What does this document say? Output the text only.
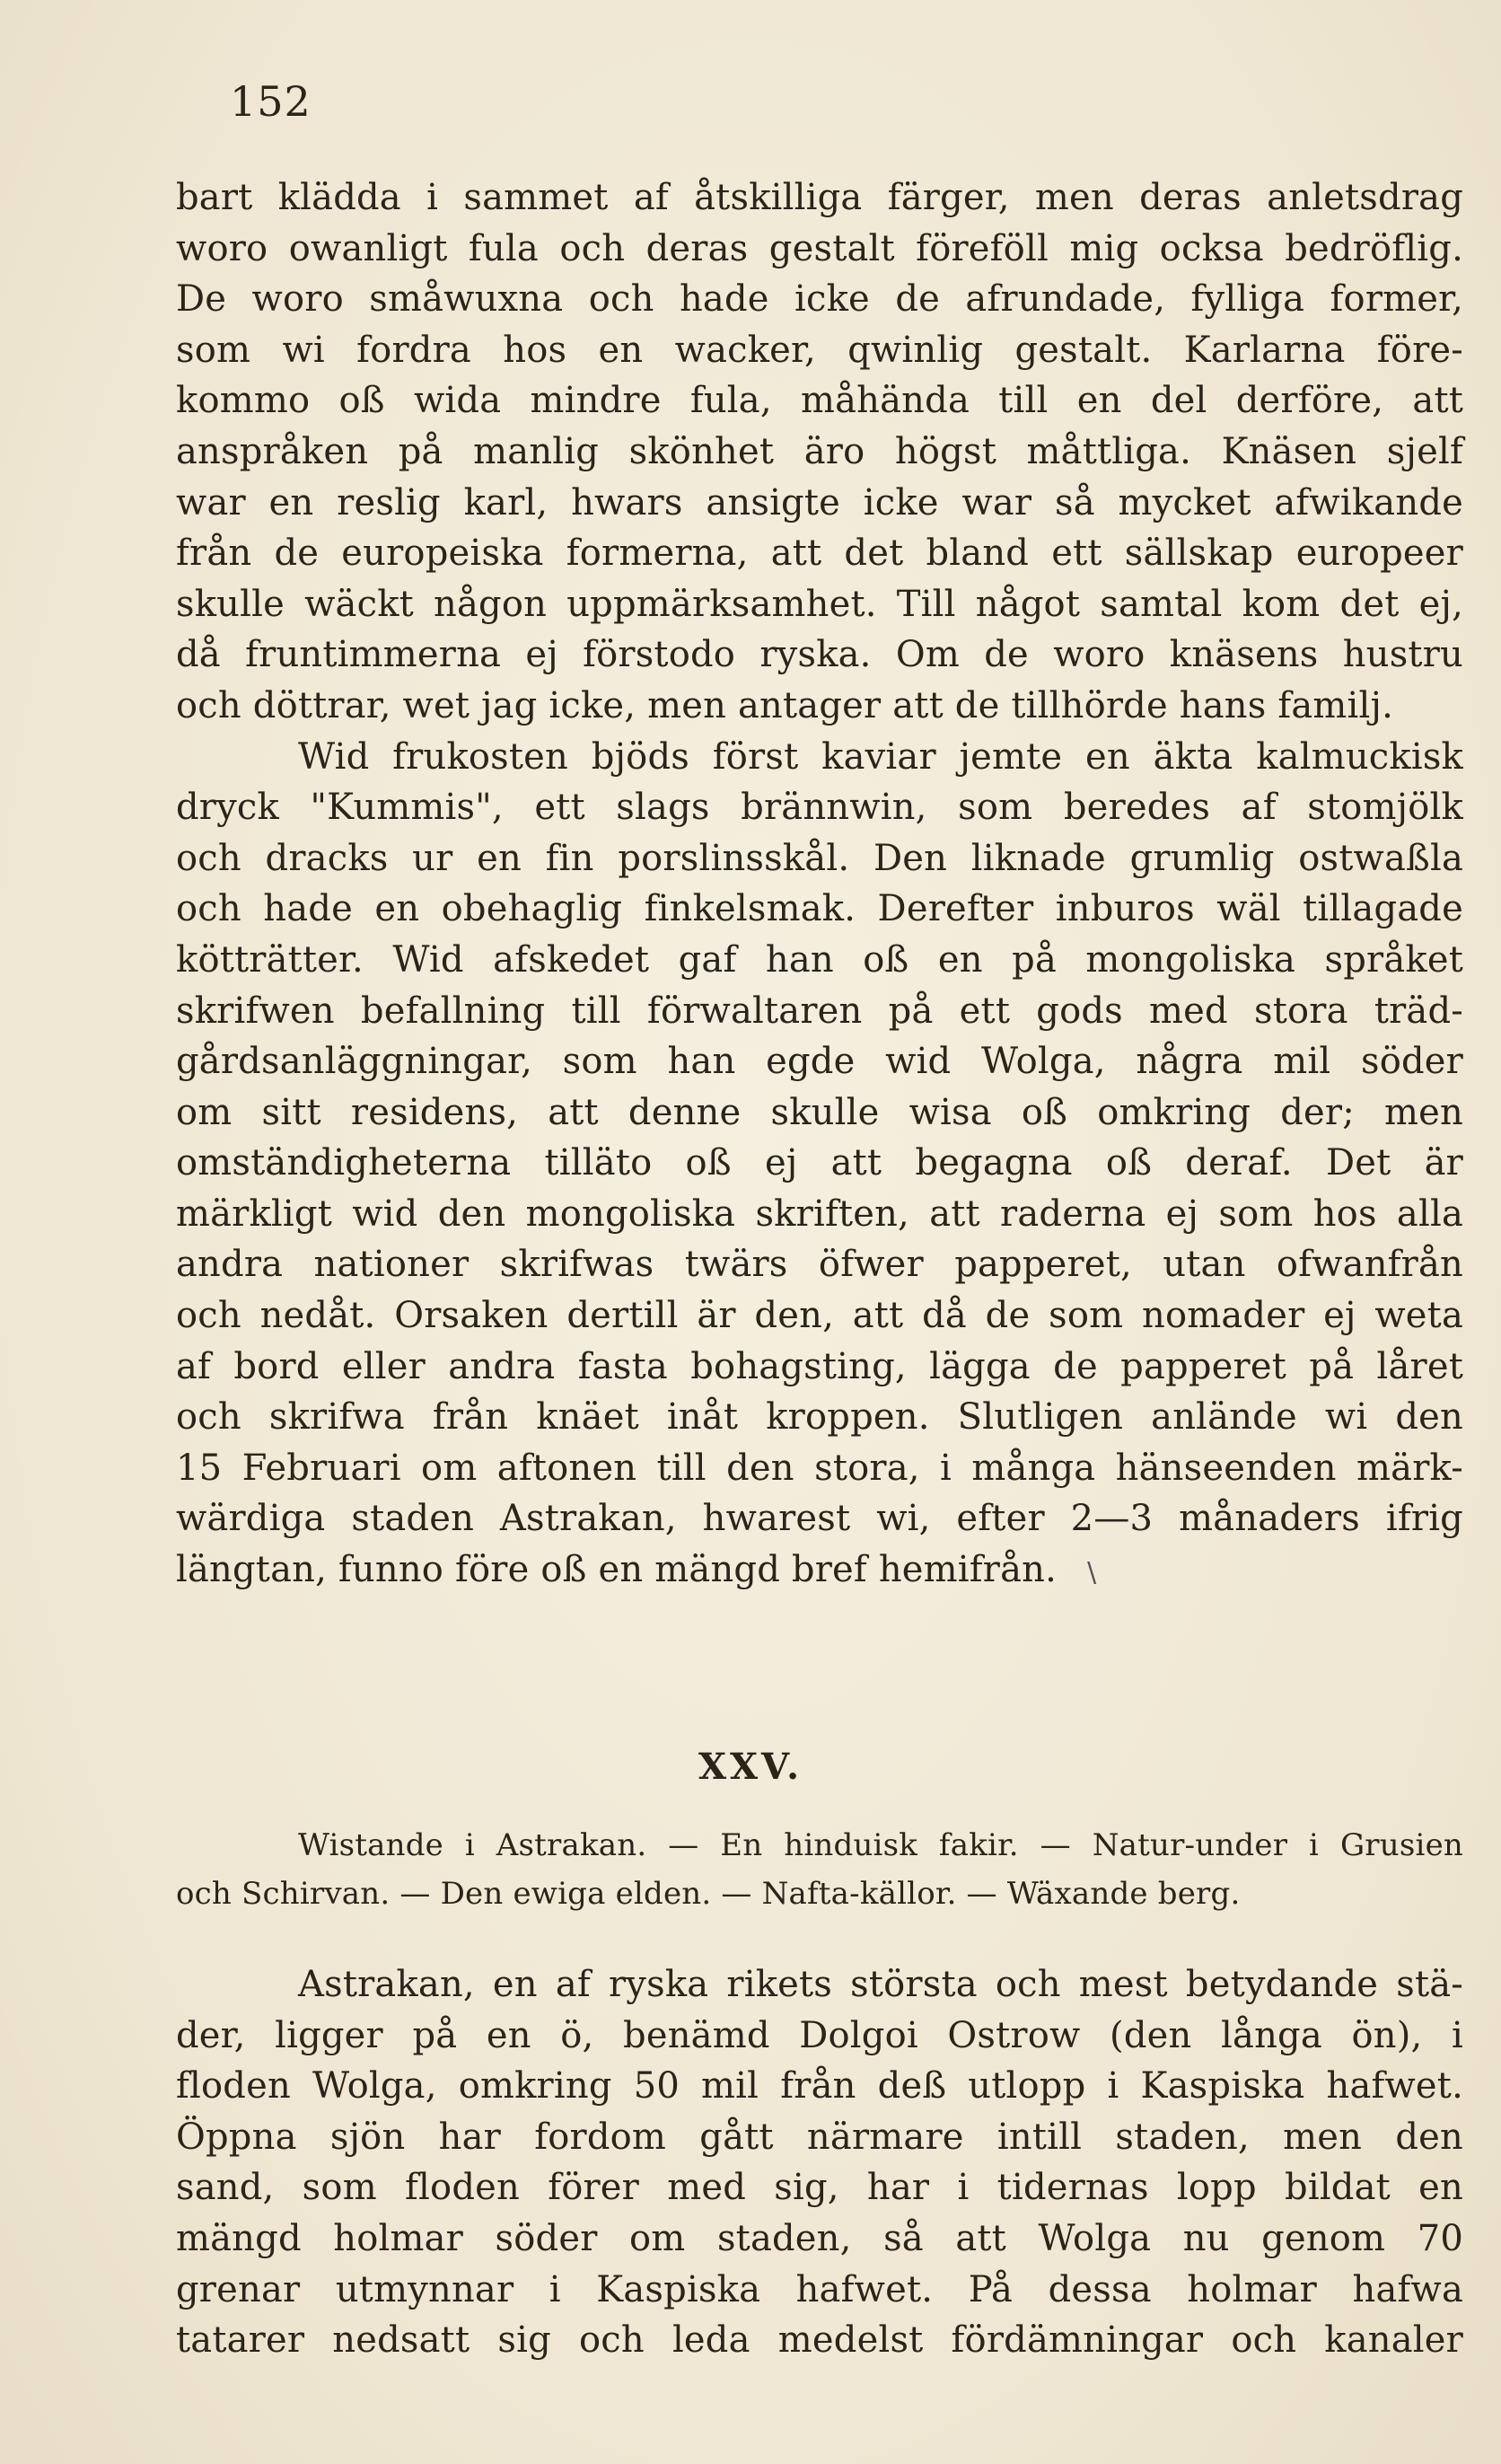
152
bart klädda i sammet af åtskilliga färger, men deras anletsdrag
woro owanligt fula och deras gestalt föreföll mig ocksa bedröflig.
De woro småwuxna och hade icke de afrundade, fylliga former,
som wi fordra hos en wacker, qwinlig gestalt. Karlarna före-
kommo oß wida mindre fula, måhända till en del derföre, att
anspråken på manlig skönhet äro högst måttliga. Knäsen sjelf
war en reslig karl, hwars ansigte icke war så mycket afwikande
från de europeiska formerna, att det bland ett sällskap europeer
skulle wäckt någon uppmärksamhet. Till något samtal kom det ej,
då fruntimmerna ej förstodo ryska. Om de woro knäsens hustru
och döttrar, wet jag icke, men antager att de tillhörde hans familj.
Wid frukosten bjöds först kaviar jemte en äkta kalmuckisk
dryck "Kummis", ett slags brännwin, som beredes af stomjölk
och dracks ur en fin porslinsskål. Den liknade grumlig ostwaßla
och hade en obehaglig finkelsmak. Derefter inburos wäl tillagade
kötträtter. Wid afskedet gaf han oß en på mongoliska språket
skrifwen befallning till förwaltaren på ett gods med stora träd-
gårdsanläggningar, som han egde wid Wolga, några mil söder
om sitt residens, att denne skulle wisa oß omkring der; men
omständigheterna tilläto oß ej att begagna oß deraf. Det är
märkligt wid den mongoliska skriften, att raderna ej som hos alla
andra nationer skrifwas twärs öfwer papperet, utan ofwanfrån
och nedåt. Orsaken dertill är den, att då de som nomader ej weta
af bord eller andra fasta bohagsting, lägga de papperet på låret
och skrifwa från knäet inåt kroppen. Slutligen anlände wi den
15 Februari om aftonen till den stora, i många hänseenden märk-
wärdiga staden Astrakan, hwarest wi, efter 2—3 månaders ifrig
längtan, funno före oß en mängd bref hemifrån. \
XXV.
Wistande i Astrakan. — En hinduisk fakir. — Natur-under i Grusien
och Schirvan. — Den ewiga elden. — Nafta-källor. — Wäxande berg.
Astrakan, en af ryska rikets största och mest betydande stä-
der, ligger på en ö, benämd Dolgoi Ostrow (den långa ön), i
floden Wolga, omkring 50 mil från deß utlopp i Kaspiska hafwet.
Öppna sjön har fordom gått närmare intill staden, men den
sand, som floden förer med sig, har i tidernas lopp bildat en
mängd holmar söder om staden, så att Wolga nu genom 70
grenar utmynnar i Kaspiska hafwet. På dessa holmar hafwa
tatarer nedsatt sig och leda medelst fördämningar och kanaler
